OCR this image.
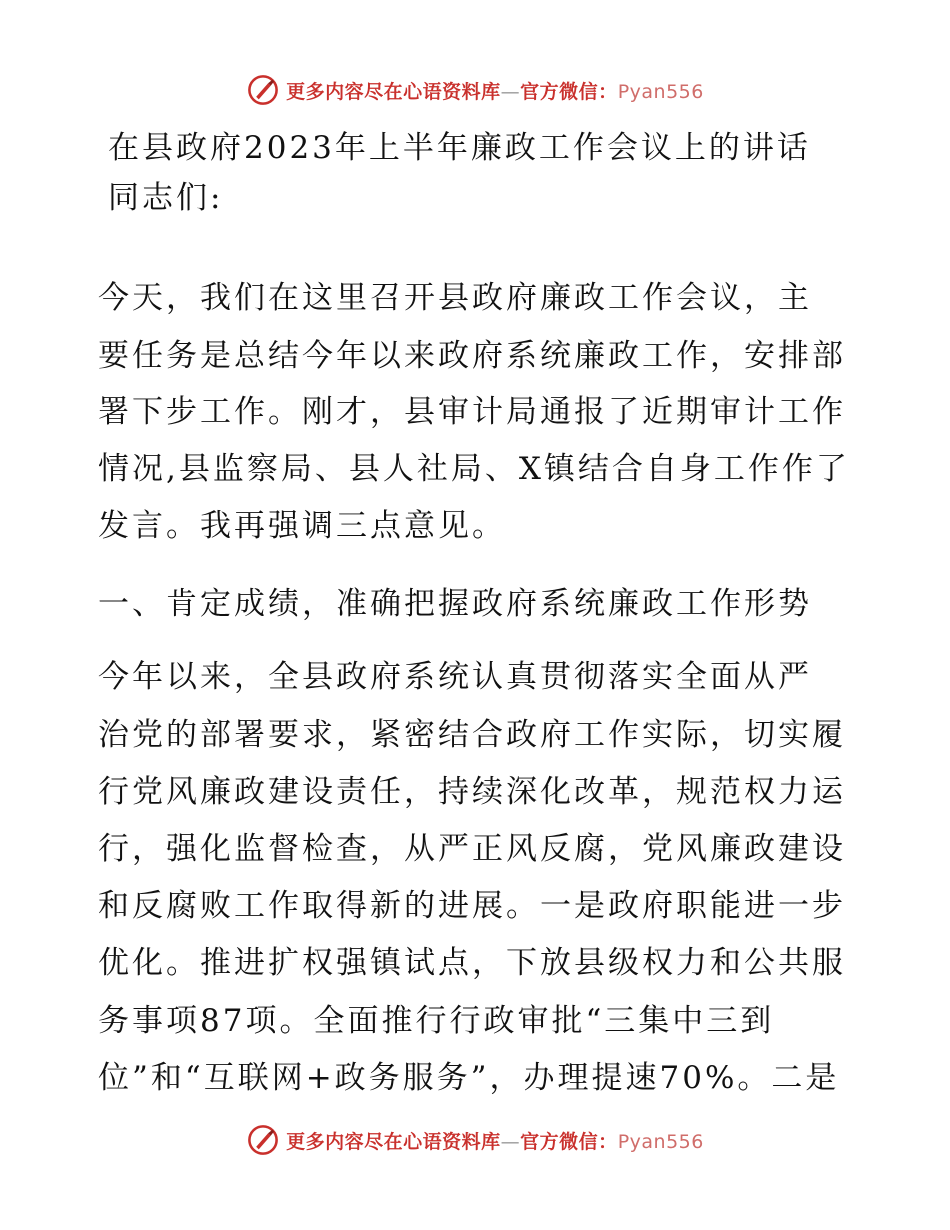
更多内容尽在心语资料库—官方微信：Pyan556
在县政府2023年上半年廉政工作会议上的讲话
同志们:
今天，我们在这里召开县政府廉政工作会议，主
要任务是总结今年以来政府系统廉政工作，安排部
署下步工作。刚才，县审计局通报了近期审计工作
情况,县监察局、县人社局、X镇结合自身工作作了
发言。我再强调三点意见。
一、肯定成绩，准确把握政府系统廉政工作形势
今年以来，全县政府系统认真贯彻落实全面从严
治党的部署要求，紧密结合政府工作实际，切实履
行党风廉政建设责任，持续深化改革，规范权力运
行，强化监督检查，从严正风反腐，党风廉政建设
和反腐败工作取得新的进展。一是政府职能进一步
优化。推进扩权强镇试点，下放县级权力和公共服
务事项87项。全面推行行政审批“三集中三到
位”和“互联网+政务服务”，办理提速70%。二是
更多内容尽在心语资料库—官方微信：Pyan556
